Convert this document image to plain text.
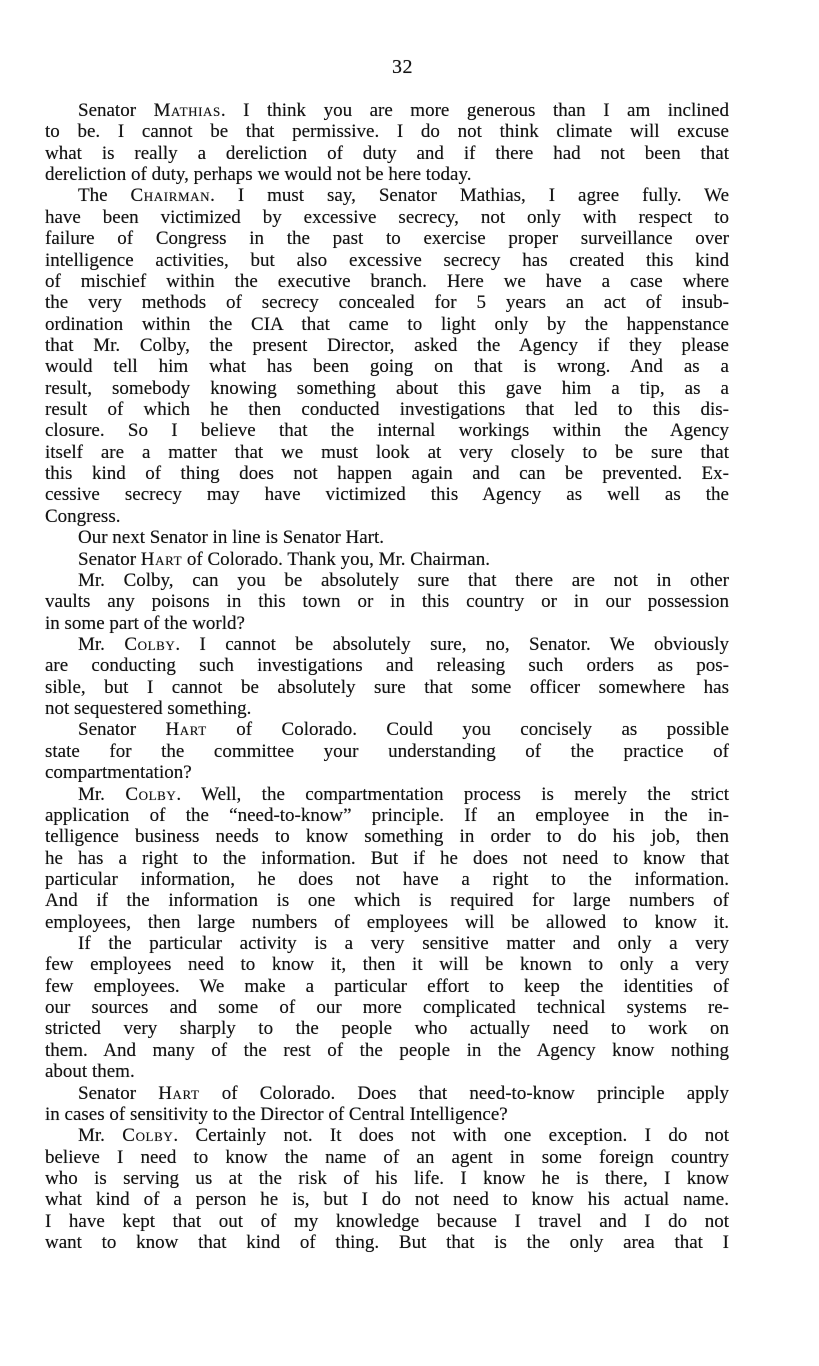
32
Senator Mathias. I think you are more generous than I am inclined
to be. I cannot be that permissive. I do not think climate will excuse
what is really a dereliction of duty and if there had not been that
dereliction of duty, perhaps we would not be here today.
The Chairman. I must say, Senator Mathias, I agree fully. We
have been victimized by excessive secrecy, not only with respect to
failure of Congress in the past to exercise proper surveillance over
intelligence activities, but also excessive secrecy has created this kind
of mischief within the executive branch. Here we have a case where
the very methods of secrecy concealed for 5 years an act of insub-
ordination within the CIA that came to light only by the happenstance
that Mr. Colby, the present Director, asked the Agency if they please
would tell him what has been going on that is wrong. And as a
result, somebody knowing something about this gave him a tip, as a
result of which he then conducted investigations that led to this dis-
closure. So I believe that the internal workings within the Agency
itself are a matter that we must look at very closely to be sure that
this kind of thing does not happen again and can be prevented. Ex-
cessive secrecy may have victimized this Agency as well as the
Congress.
Our next Senator in line is Senator Hart.
Senator Hart of Colorado. Thank you, Mr. Chairman.
Mr. Colby, can you be absolutely sure that there are not in other
vaults any poisons in this town or in this country or in our possession
in some part of the world?
Mr. Colby. I cannot be absolutely sure, no, Senator. We obviously
are conducting such investigations and releasing such orders as pos-
sible, but I cannot be absolutely sure that some officer somewhere has
not sequestered something.
Senator Hart of Colorado. Could you concisely as possible
state for the committee your understanding of the practice of
compartmentation?
Mr. Colby. Well, the compartmentation process is merely the strict
application of the “need-to-know” principle. If an employee in the in-
telligence business needs to know something in order to do his job, then
he has a right to the information. But if he does not need to know that
particular information, he does not have a right to the information.
And if the information is one which is required for large numbers of
employees, then large numbers of employees will be allowed to know it.
If the particular activity is a very sensitive matter and only a very
few employees need to know it, then it will be known to only a very
few employees. We make a particular effort to keep the identities of
our sources and some of our more complicated technical systems re-
stricted very sharply to the people who actually need to work on
them. And many of the rest of the people in the Agency know nothing
about them.
Senator Hart of Colorado. Does that need-to-know principle apply
in cases of sensitivity to the Director of Central Intelligence?
Mr. Colby. Certainly not. It does not with one exception. I do not
believe I need to know the name of an agent in some foreign country
who is serving us at the risk of his life. I know he is there, I know
what kind of a person he is, but I do not need to know his actual name.
I have kept that out of my knowledge because I travel and I do not
want to know that kind of thing. But that is the only area that I
